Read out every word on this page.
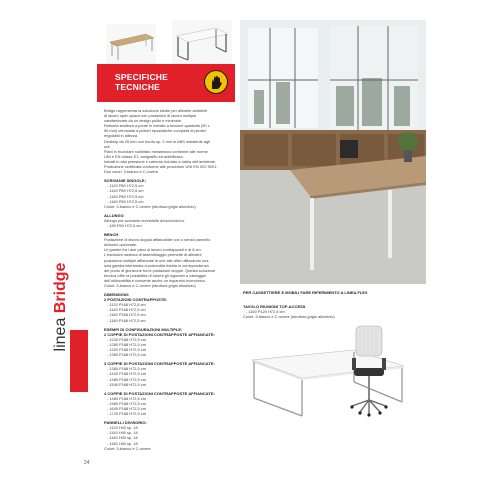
SPECIFICHE
TECNICHE
linea Bridge
Bridge rappresenta la soluzione ideale per allestire ambienti
di lavoro open-space con postazioni di lavoro multiple
caratterizzate da un design pulito e minimale.
Robusta struttura a ponte in metallo a sezione quadrata (50 x
50 mm) verniciata a polveri epossidiche completa di piedini
regolabili in altezza.
Desktop da 25 mm con bordo sp. 2 mm in ABS resistente agli
urti.
Piani in truciolare nobilitato melaminico conforme alle norme
UNI e EN classe E1, antigraffio ed antiriflesso.
Imballi in alta pressione e carbone riciclato a tutela dell'ambiente.
Produzione certificata conforme alle procedure UNI EN ISO 9001.
Due colori: 3-bianco e C-rovere
SCRIVANIE SINGOLE:
- 1120 P80 H72,5 cm
- 1140 P80 H72,5 cm
- 1160 P80 H72,5 cm
- 1180 P80 H72,5 cm
Colori: 3-bianco e C-rovere (struttura grigio alluminio)
ALLUNGO
Allungo per scrivanie reversibile dx/sx/cx/dx/cx.
- 180 P60 H72,5 cm
BENCH
Postazione di lavoro doppia affiancabile con o senza pannello
divisorio opzionale.
Le gambe fra i due piani di lavoro contrapposti e di 8 cm.
L'esclusivo sistema di assemblaggio permette di allestire
postazioni multiple affiancate le une alle altre utilizzando una
sola gamba intermedia a profondita ridotta in corrispondenza
del punto di giunzione fra le postazioni doppie. Questa soluzione
tecnica offre la possibilita di ridurre gli ingombri a vantaggio
dell'utilizzabilita e consente anche un risparmio economico.
Colori: 3-bianco e C-rovere (struttura grigio alluminio)
DIMENSIONI:
2 POSTAZIONI CONTRAPPOSTE:
- 1120 P168 H72,5 cm
- 1140 P168 H72,5 cm
- 1160 P168 H72,5 cm
- 1180 P168 H72,5 cm
ESEMPI DI CONFIGURAZIONI MULTIPLE:
2 COPPIE DI POSTAZIONI CONTRAPPOSTE AFFIANCATE:
- 1240 P168 H72,5 cm
- 1280 P168 H72,5 cm
- 1320 P168 H72,5 cm
- 1360 P168 H72,5 cm
3 COPPIE DI POSTAZIONI CONTRAPPOSTE AFFIANCATE:
- 1360 P168 H72,5 cm
- 1420 P168 H72,5 cm
- 1480 P168 H72,5 cm
- 1540 P168 H72,5 cm
4 COPPIE DI POSTAZIONI CONTRAPPOSTE AFFIANCATE:
- 1480 P168 H72,5 cm
- 1560 P168 H72,5 cm
- 1640 P168 H72,5 cm
- 1720 P168 H72,5 cm
PANNELLI DIVISORIO:
- 1120 H40 sp. 18
- 1140 H40 sp. 18
- 1160 H40 sp. 18
- 1180 H40 sp. 18
Colori: 3-bianco e C-rovere
PER CASSETTIERE E MOBILI FARE RIFERIMENTO A LINEA FLEX
TAVOLO RIUNIONI TOP-ACCESS
- 1160 P120 H72,5 cm
Colori: 3-bianco e C-rovere (struttura grigio alluminio)
24
